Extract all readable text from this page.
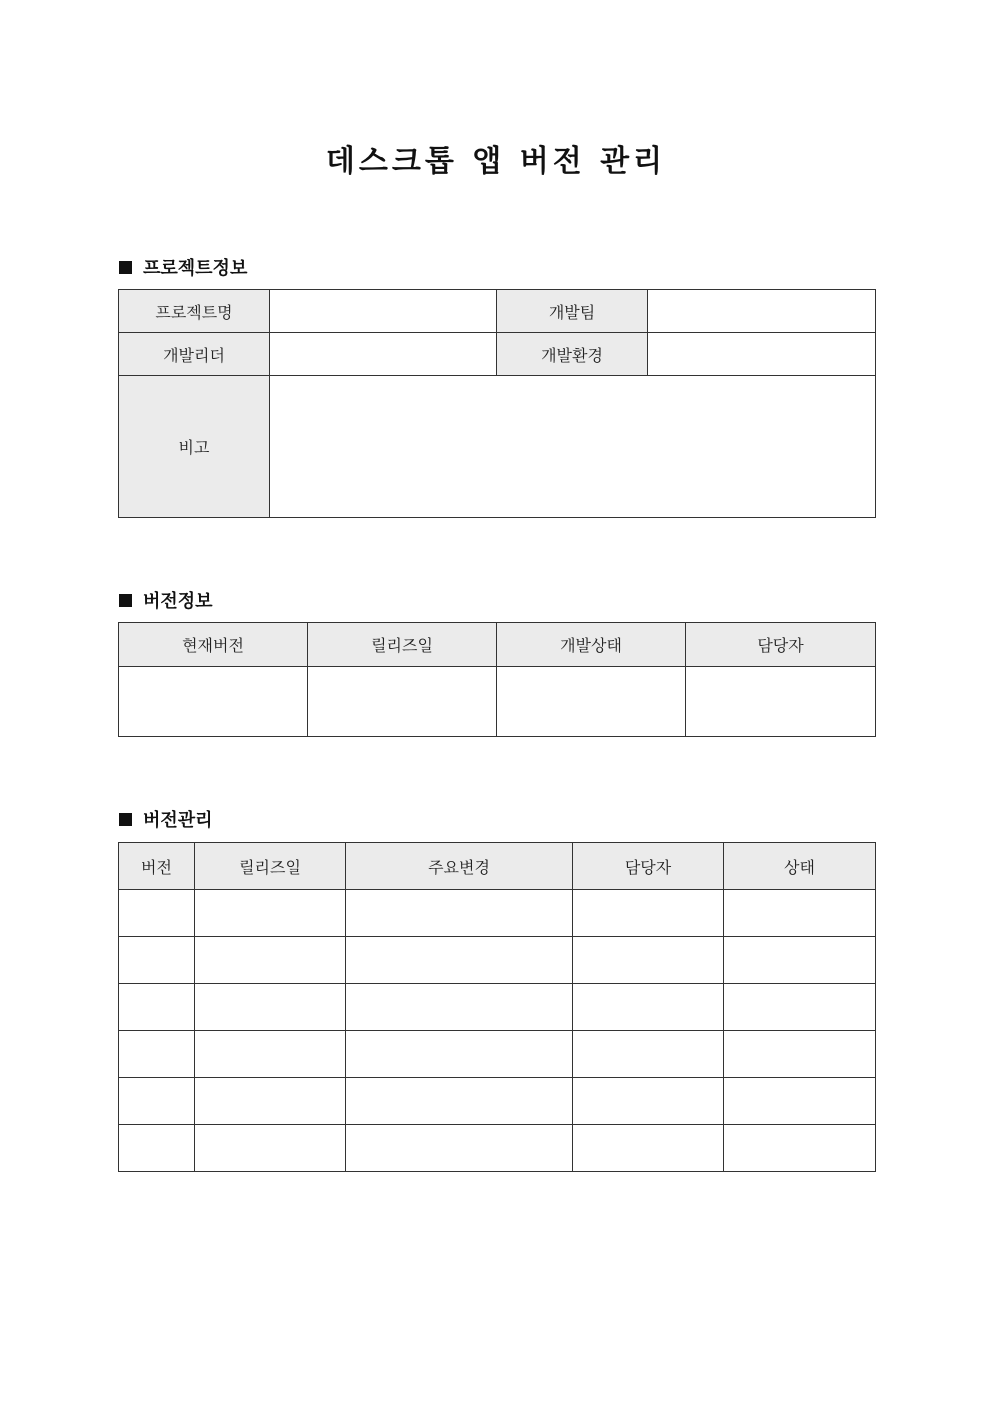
데스크톱 앱 버전 관리
프로젝트정보
프로젝트명		개발팀	
개발리더		개발환경	
비고			
버전정보
현재버전	릴리즈일	개발상태	담당자

버전관리
버전	릴리즈일	주요변경	담당자	상태
